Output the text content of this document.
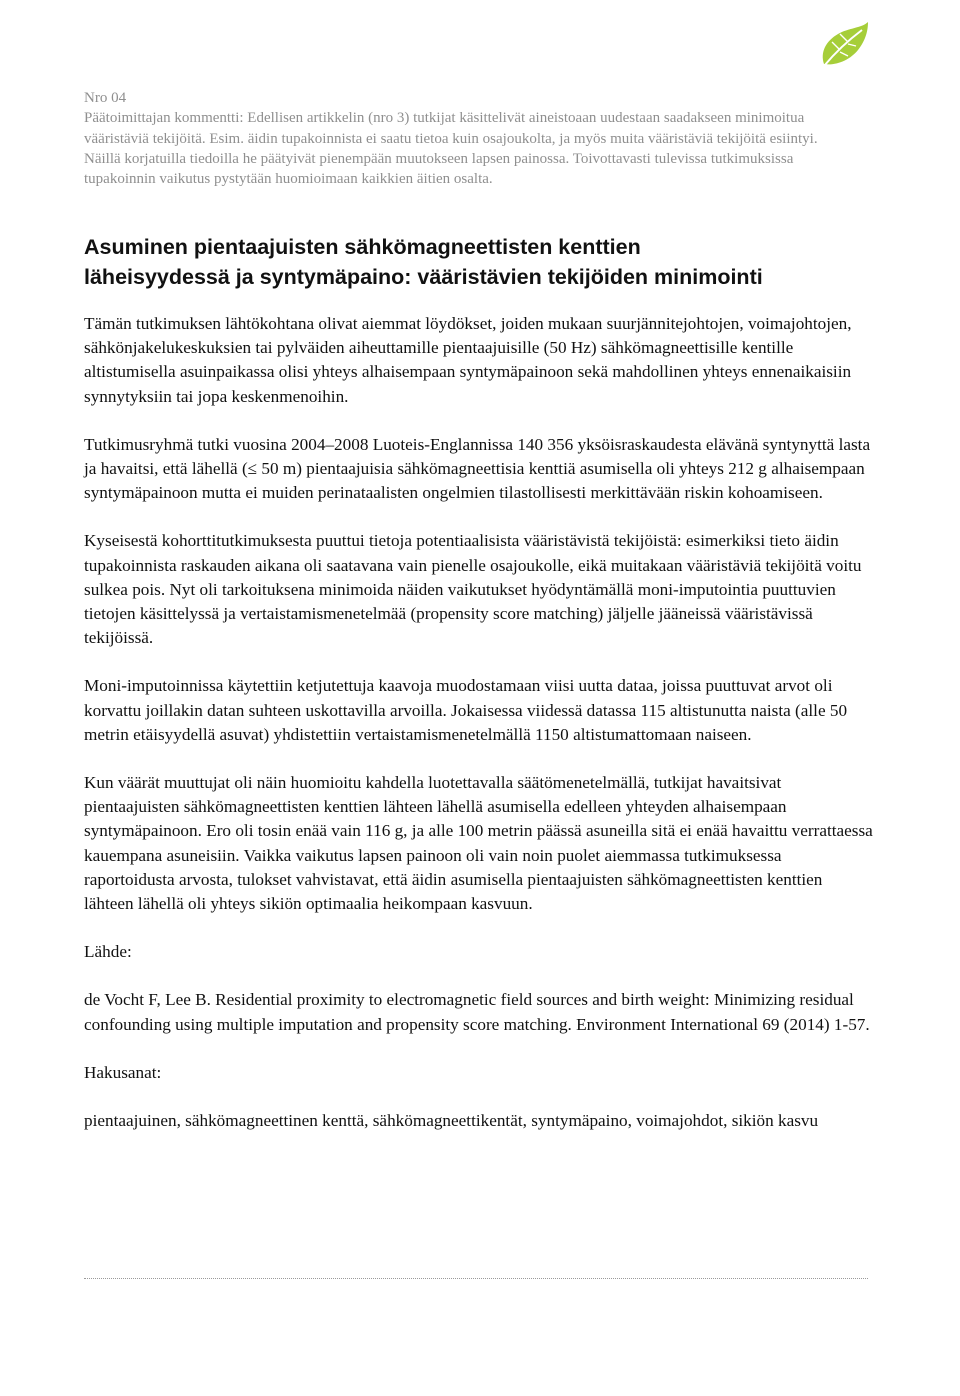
Nro 04

Päätoimittajan kommentti: Edellisen artikkelin (nro 3) tutkijat käsittelivät aineistoaan uudestaan saadakseen minimoitua vääristäviä tekijöitä. Esim. äidin tupakoinnista ei saatu tietoa kuin osajoukolta, ja myös muita vääristäviä tekijöitä esiintyi. Näillä korjatuilla tiedoilla he päätyivät pienempään muutokseen lapsen painossa. Toivottavasti tulevissa tutkimuksissa tupakoinnin vaikutus pystytään huomioimaan kaikkien äitien osalta.

Asuminen pientaajuisten sähkömagneettisten kenttien
läheisyydessä ja syntymäpaino: vääristävien tekijöiden minimointi

Tämän tutkimuksen lähtökohtana olivat aiemmat löydökset, joiden mukaan suurjännitejohtojen, voimajohtojen, sähkönjakelukeskuksien tai pylväiden aiheuttamille pientaajuisille (50 Hz) sähkömagneettisille kentille altistumisella asuinpaikassa olisi yhteys alhaisempaan syntymäpainoon sekä mahdollinen yhteys ennenaikaisiin synnytyksiin tai jopa keskenmenoihin.

Tutkimusryhmä tutki vuosina 2004–2008 Luoteis-Englannissa 140 356 yksöisraskaudesta elävänä syntynyttä lasta ja havaitsi, että lähellä (≤ 50 m) pientaajuisia sähkömagneettisia kenttiä asumisella oli yhteys 212 g alhaisempaan syntymäpainoon mutta ei muiden perinataalisten ongelmien tilastollisesti merkittävään riskin kohoamiseen.

Kyseisestä kohorttitutkimuksesta puuttui tietoja potentiaalisista vääristävistä tekijöistä: esimerkiksi tieto äidin tupakoinnista raskauden aikana oli saatavana vain pienelle osajoukolle, eikä muitakaan vääristäviä tekijöitä voitu sulkea pois. Nyt oli tarkoituksena minimoida näiden vaikutukset hyödyntämällä moni-imputointia puuttuvien tietojen käsittelyssä ja vertaistamismenetelmää (propensity score matching) jäljelle jääneissä vääristävissä tekijöissä.

Moni-imputoinnissa käytettiin ketjutettuja kaavoja muodostamaan viisi uutta dataa, joissa puuttuvat arvot oli korvattu joillakin datan suhteen uskottavilla arvoilla. Jokaisessa viidessä datassa 115 altistunutta naista (alle 50 metrin etäisyydellä asuvat) yhdistettiin vertaistamismenetelmällä 1150 altistumattomaan naiseen.

Kun väärät muuttujat oli näin huomioitu kahdella luotettavalla säätömenetelmällä, tutkijat havaitsivat pientaajuisten sähkömagneettisten kenttien lähteen lähellä asumisella edelleen yhteyden alhaisempaan syntymäpainoon. Ero oli tosin enää vain 116 g, ja alle 100 metrin päässä asuneilla sitä ei enää havaittu verrattaessa kauempana asuneisiin. Vaikka vaikutus lapsen painoon oli vain noin puolet aiemmassa tutkimuksessa raportoidusta arvosta, tulokset vahvistavat, että äidin asumisella pientaajuisten sähkömagneettisten kenttien lähteen lähellä oli yhteys sikiön optimaalia heikompaan kasvuun.

Lähde:

de Vocht F, Lee B. Residential proximity to electromagnetic field sources and birth weight: Minimizing residual confounding using multiple imputation and propensity score matching. Environment International 69 (2014) 1-57.

Hakusanat:

pientaajuinen, sähkömagneettinen kenttä, sähkömagneettikentät, syntymäpaino, voimajohdot, sikiön kasvu
